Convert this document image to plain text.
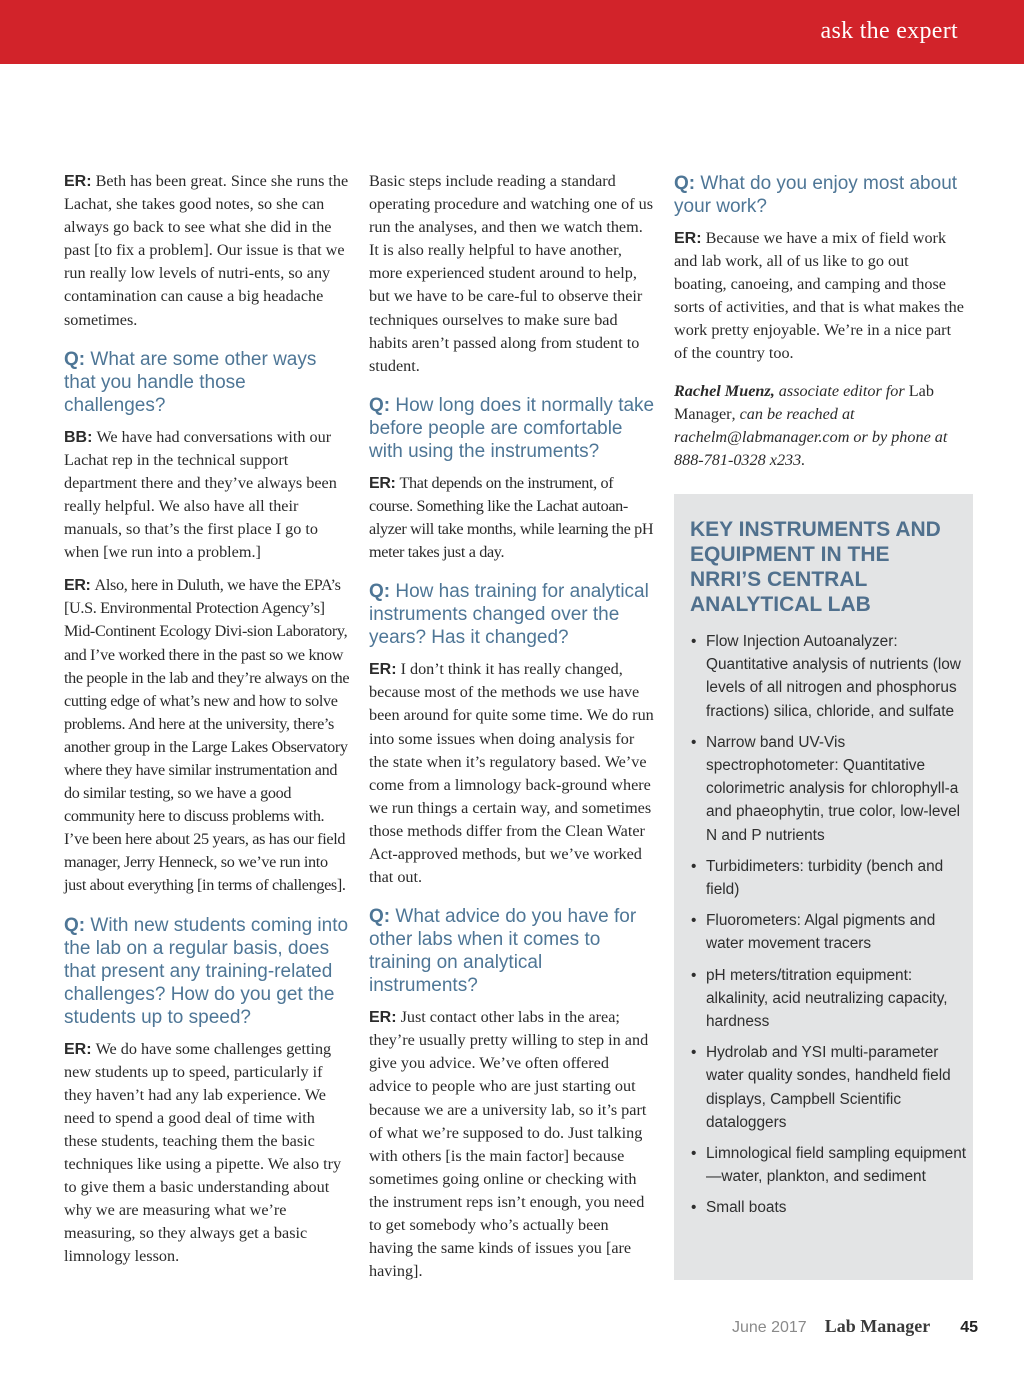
ask the expert

ER: Beth has been great. Since she runs the Lachat, she takes good notes, so she can always go back to see what she did in the past [to fix a problem]. Our issue is that we run really low levels of nutri-ents, so any contamination can cause a big headache sometimes.

Q: What are some other ways that you handle those challenges?

BB: We have had conversations with our Lachat rep in the technical support department there and they’ve always been really helpful. We also have all their manuals, so that’s the first place I go to when [we run into a problem.]

ER: Also, here in Duluth, we have the EPA’s [U.S. Environmental Protection Agency’s] Mid-Continent Ecology Divi-sion Laboratory, and I’ve worked there in the past so we know the people in the lab and they’re always on the cutting edge of what’s new and how to solve problems. And here at the university, there’s another group in the Large Lakes Observatory where they have similar instrumentation and do similar testing, so we have a good community here to discuss problems with. I’ve been here about 25 years, as has our field manager, Jerry Henneck, so we’ve run into just about everything [in terms of challenges].

Q: With new students coming into the lab on a regular basis, does that present any training-related challenges? How do you get the students up to speed?

ER: We do have some challenges getting new students up to speed, particularly if they haven’t had any lab experience. We need to spend a good deal of time with these students, teaching them the basic techniques like using a pipette. We also try to give them a basic understanding about why we are measuring what we’re measuring, so they always get a basic limnology lesson.

Basic steps include reading a standard operating procedure and watching one of us run the analyses, and then we watch them. It is also really helpful to have another, more experienced student around to help, but we have to be care-ful to observe their techniques ourselves to make sure bad habits aren’t passed along from student to student.

Q: How long does it normally take before people are comfortable with using the instruments?

ER: That depends on the instrument, of course. Something like the Lachat autoan-alyzer will take months, while learning the pH meter takes just a day.

Q: How has training for analytical instruments changed over the years? Has it changed?

ER: I don’t think it has really changed, because most of the methods we use have been around for quite some time. We do run into some issues when doing analysis for the state when it’s regulatory based. We’ve come from a limnology back-ground where we run things a certain way, and sometimes those methods differ from the Clean Water Act-approved methods, but we’ve worked that out.

Q: What advice do you have for other labs when it comes to training on analytical instruments?

ER: Just contact other labs in the area; they’re usually pretty willing to step in and give you advice. We’ve often offered advice to people who are just starting out because we are a university lab, so it’s part of what we’re supposed to do. Just talking with others [is the main factor] because sometimes going online or checking with the instrument reps isn’t enough, you need to get somebody who’s actually been having the same kinds of issues you [are having].

Q: What do you enjoy most about your work?

ER: Because we have a mix of field work and lab work, all of us like to go out boating, canoeing, and camping and those sorts of activities, and that is what makes the work pretty enjoyable. We’re in a nice part of the country too.

Rachel Muenz, associate editor for Lab Manager, can be reached at rachelm@labmanager.com or by phone at 888-781-0328 x233.

KEY INSTRUMENTS AND EQUIPMENT IN THE NRRI’S CENTRAL ANALYTICAL LAB
• Flow Injection Autoanalyzer: Quantitative analysis of nutrients (low levels of all nitrogen and phosphorus fractions) silica, chloride, and sulfate
• Narrow band UV-Vis spectrophotometer: Quantitative colorimetric analysis for chlorophyll-a and phaeophytin, true color, low-level N and P nutrients
• Turbidimeters: turbidity (bench and field)
• Fluorometers: Algal pigments and water movement tracers
• pH meters/titration equipment: alkalinity, acid neutralizing capacity, hardness
• Hydrolab and YSI multi-parameter water quality sondes, handheld field displays, Campbell Scientific dataloggers
• Limnological field sampling equipment—water, plankton, and sediment
• Small boats
June 2017 Lab Manager 45
